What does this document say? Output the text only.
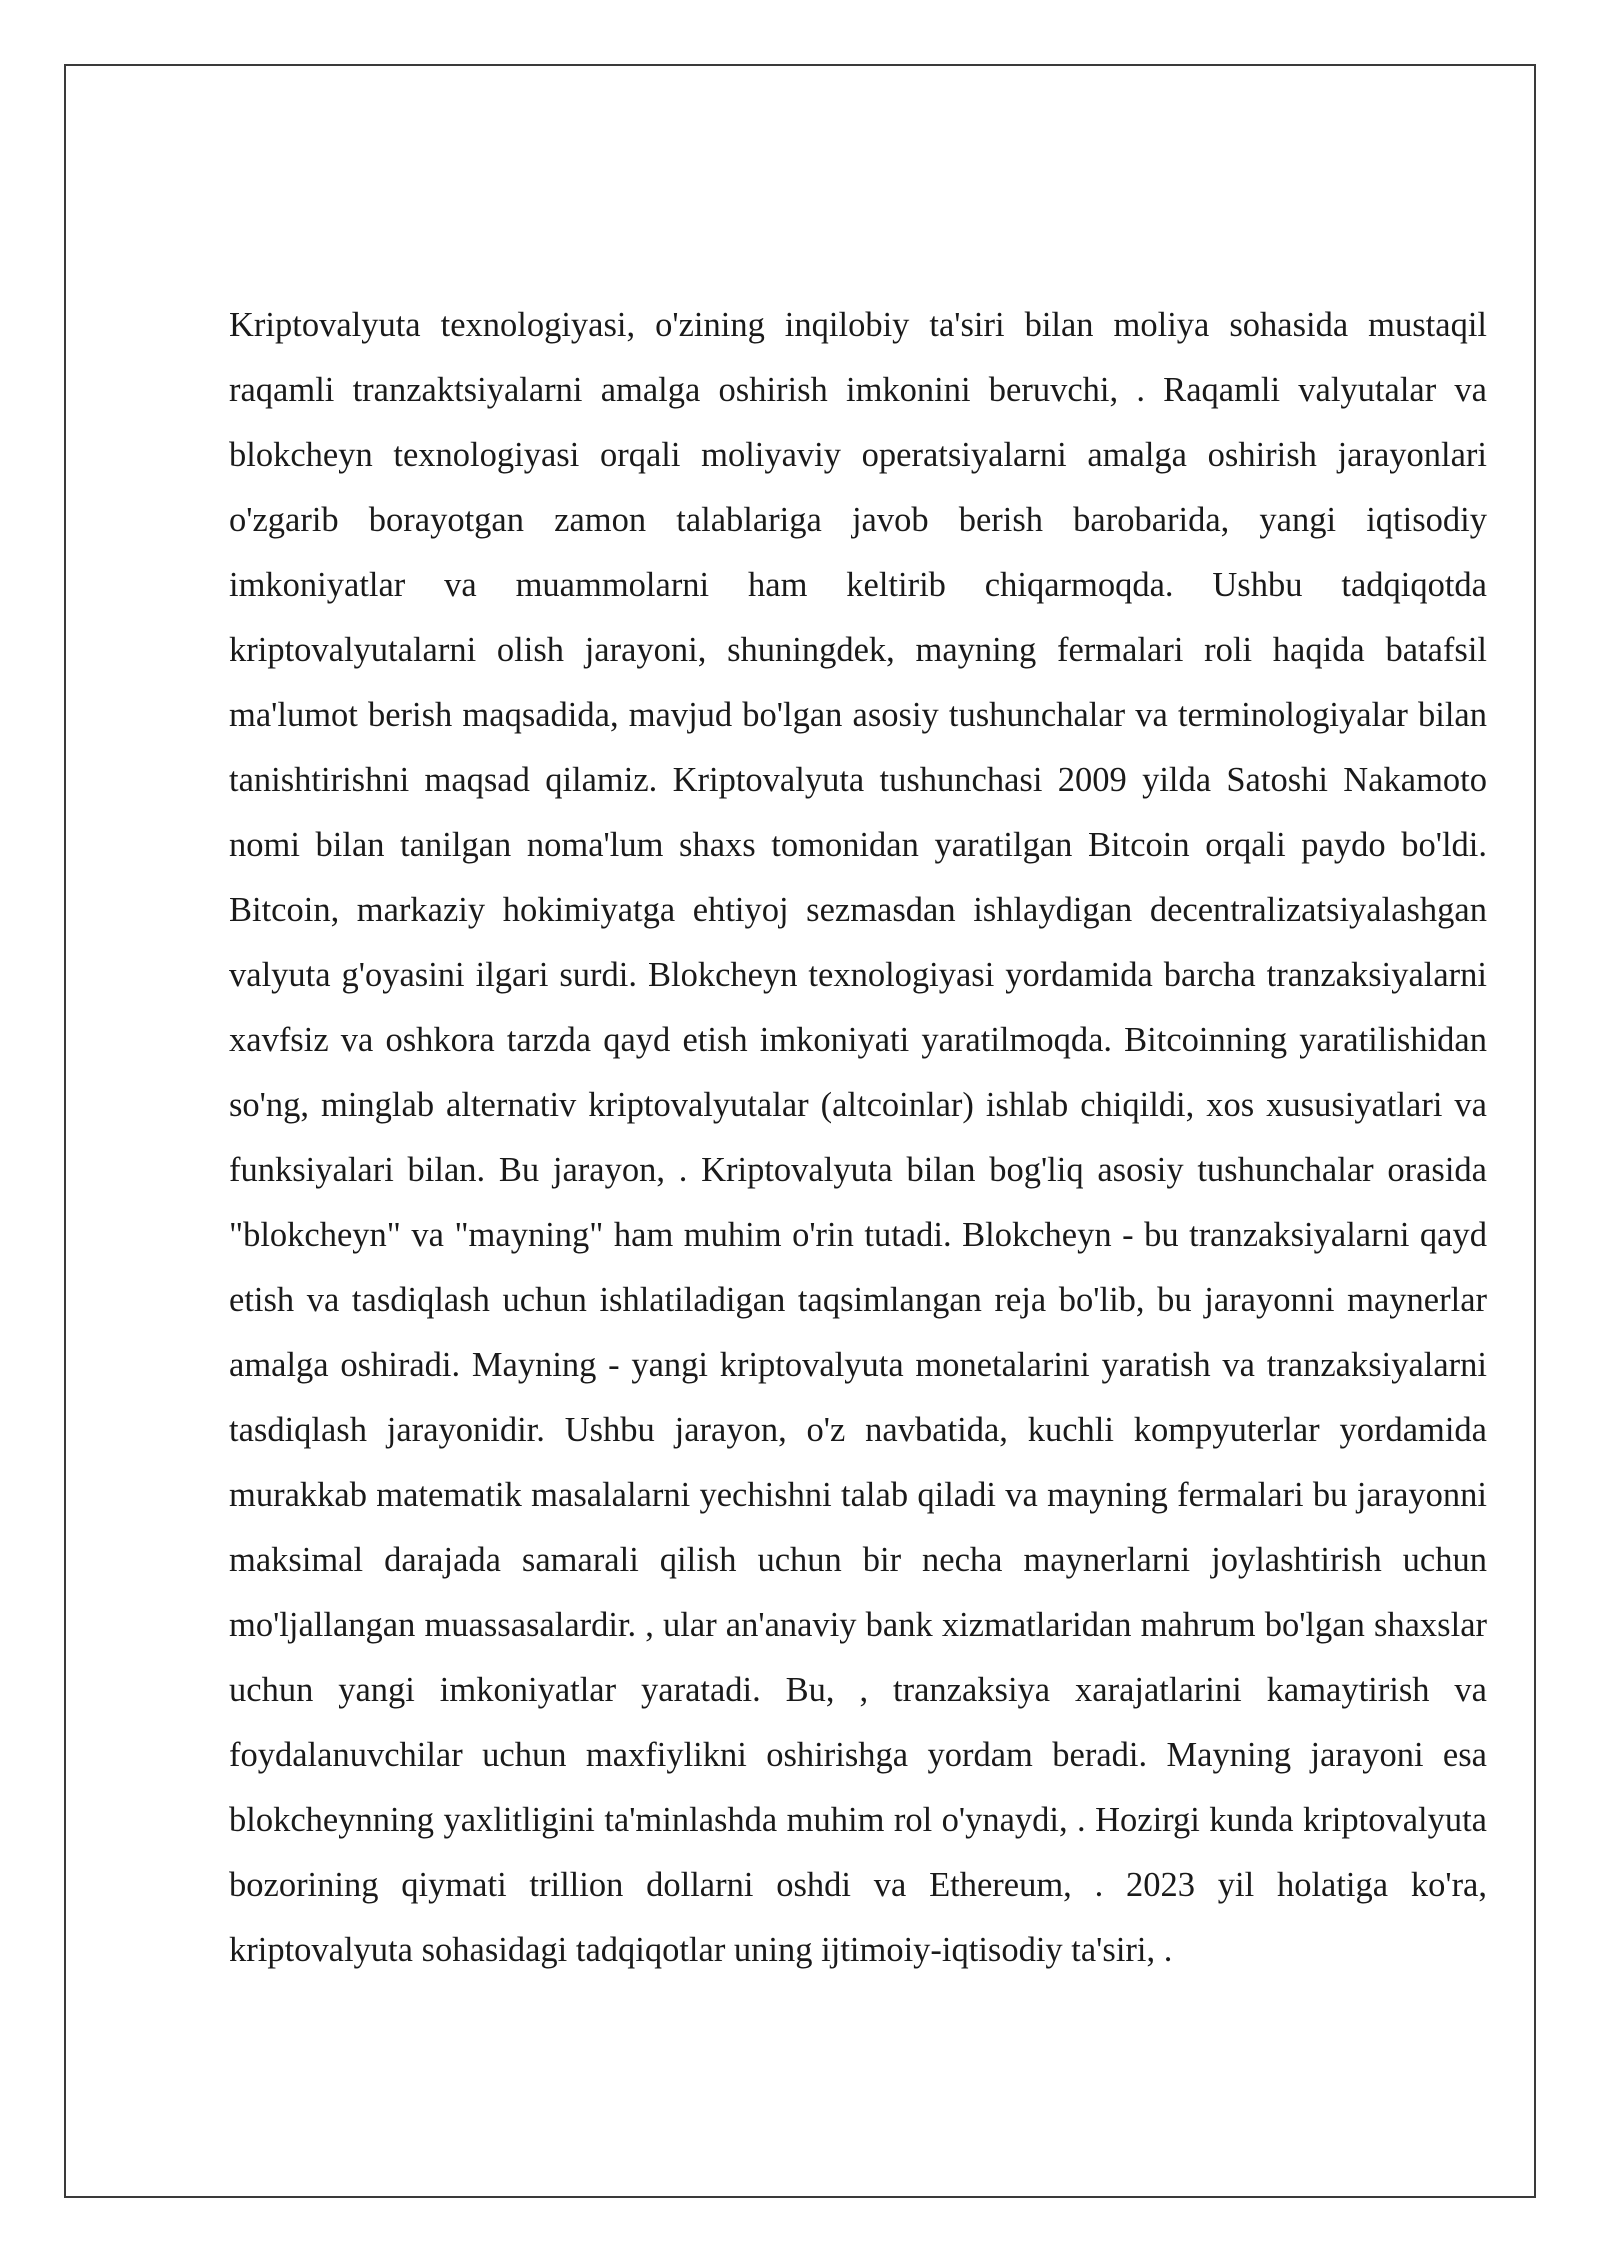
Kriptovalyuta texnologiyasi, o'zining inqilobiy ta'siri bilan moliya sohasida mustaqil raqamli tranzaktsiyalarni amalga oshirish imkonini beruvchi, . Raqamli valyutalar va blokcheyn texnologiyasi orqali moliyaviy operatsiyalarni amalga oshirish jarayonlari o'zgarib borayotgan zamon talablariga javob berish barobarida, yangi iqtisodiy imkoniyatlar va muammolarni ham keltirib chiqarmoqda. Ushbu tadqiqotda kriptovalyutalarni olish jarayoni, shuningdek, mayning fermalari roli haqida batafsil ma'lumot berish maqsadida, mavjud bo'lgan asosiy tushunchalar va terminologiyalar bilan tanishtirishni maqsad qilamiz. Kriptovalyuta tushunchasi 2009 yilda Satoshi Nakamoto nomi bilan tanilgan noma'lum shaxs tomonidan yaratilgan Bitcoin orqali paydo bo'ldi. Bitcoin, markaziy hokimiyatga ehtiyoj sezmasdan ishlaydigan decentralizatsiyalashgan valyuta g'oyasini ilgari surdi. Blokcheyn texnologiyasi yordamida barcha tranzaksiyalarni xavfsiz va oshkora tarzda qayd etish imkoniyati yaratilmoqda. Bitcoinning yaratilishidan so'ng, minglab alternativ kriptovalyutalar (altcoinlar) ishlab chiqildi, xos xususiyatlari va funksiyalari bilan. Bu jarayon, . Kriptovalyuta bilan bog'liq asosiy tushunchalar orasida "blokcheyn" va "mayning" ham muhim o'rin tutadi. Blokcheyn - bu tranzaksiyalarni qayd etish va tasdiqlash uchun ishlatiladigan taqsimlangan reja bo'lib, bu jarayonni maynerlar amalga oshiradi. Mayning - yangi kriptovalyuta monetalarini yaratish va tranzaksiyalarni tasdiqlash jarayonidir. Ushbu jarayon, o'z navbatida, kuchli kompyuterlar yordamida murakkab matematik masalalarni yechishni talab qiladi va mayning fermalari bu jarayonni maksimal darajada samarali qilish uchun bir necha maynerlarni joylashtirish uchun mo'ljallangan muassasalardir. , ular an'anaviy bank xizmatlaridan mahrum bo'lgan shaxslar uchun yangi imkoniyatlar yaratadi. Bu, , tranzaksiya xarajatlarini kamaytirish va foydalanuvchilar uchun maxfiylikni oshirishga yordam beradi. Mayning jarayoni esa blokcheynning yaxlitligini ta'minlashda muhim rol o'ynaydi, . Hozirgi kunda kriptovalyuta bozorining qiymati trillion dollarni oshdi va Ethereum, . 2023 yil holatiga ko'ra, kriptovalyuta sohasidagi tadqiqotlar uning ijtimoiy-iqtisodiy ta'siri, .
